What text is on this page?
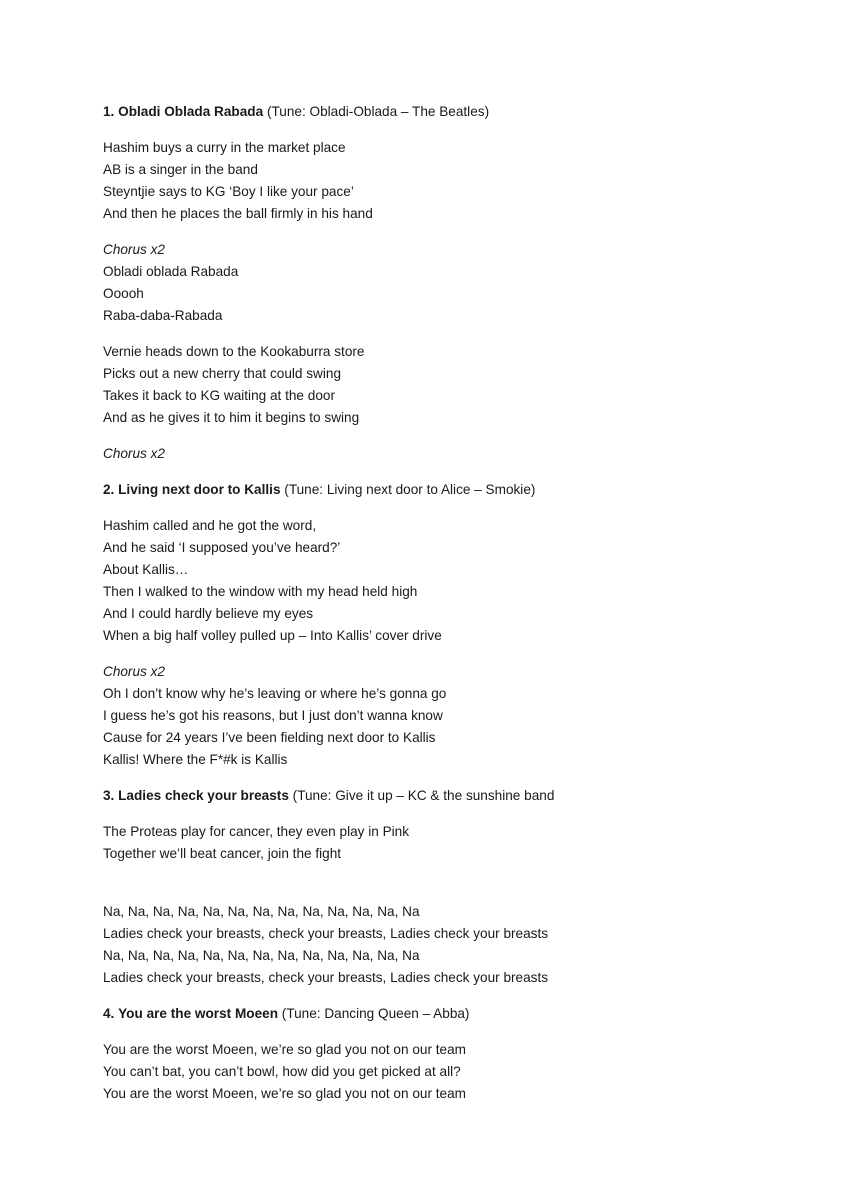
1. Obladi Oblada Rabada (Tune: Obladi-Oblada – The Beatles)
Hashim buys a curry in the market place
AB is a singer in the band
Steyntjie says to KG ‘Boy I like your pace’
And then he places the ball firmly in his hand
Chorus x2
Obladi oblada Rabada
Ooooh
Raba-daba-Rabada
Vernie heads down to the Kookaburra store
Picks out a new cherry that could swing
Takes it back to KG waiting at the door
And as he gives it to him it begins to swing
Chorus x2
2. Living next door to Kallis (Tune: Living next door to Alice – Smokie)
Hashim called and he got the word,
And he said ‘I supposed you’ve heard?’
About Kallis…
Then I walked to the window with my head held high
And I could hardly believe my eyes
When a big half volley pulled up – Into Kallis’ cover drive
Chorus x2
Oh I don’t know why he’s leaving or where he’s gonna go
I guess he’s got his reasons, but I just don’t wanna know
Cause for 24 years I’ve been fielding next door to Kallis
Kallis! Where the F*#k is Kallis
3. Ladies check your breasts (Tune: Give it up – KC & the sunshine band
The Proteas play for cancer, they even play in Pink
Together we’ll beat cancer, join the fight
Na, Na, Na, Na, Na, Na, Na, Na, Na, Na, Na, Na, Na
Ladies check your breasts, check your breasts, Ladies check your breasts
Na, Na, Na, Na, Na, Na, Na, Na, Na, Na, Na, Na, Na
Ladies check your breasts, check your breasts, Ladies check your breasts
4. You are the worst Moeen (Tune: Dancing Queen – Abba)
You are the worst Moeen, we’re so glad you not on our team
You can’t bat, you can’t bowl, how did you get picked at all?
You are the worst Moeen, we’re so glad you not on our team
